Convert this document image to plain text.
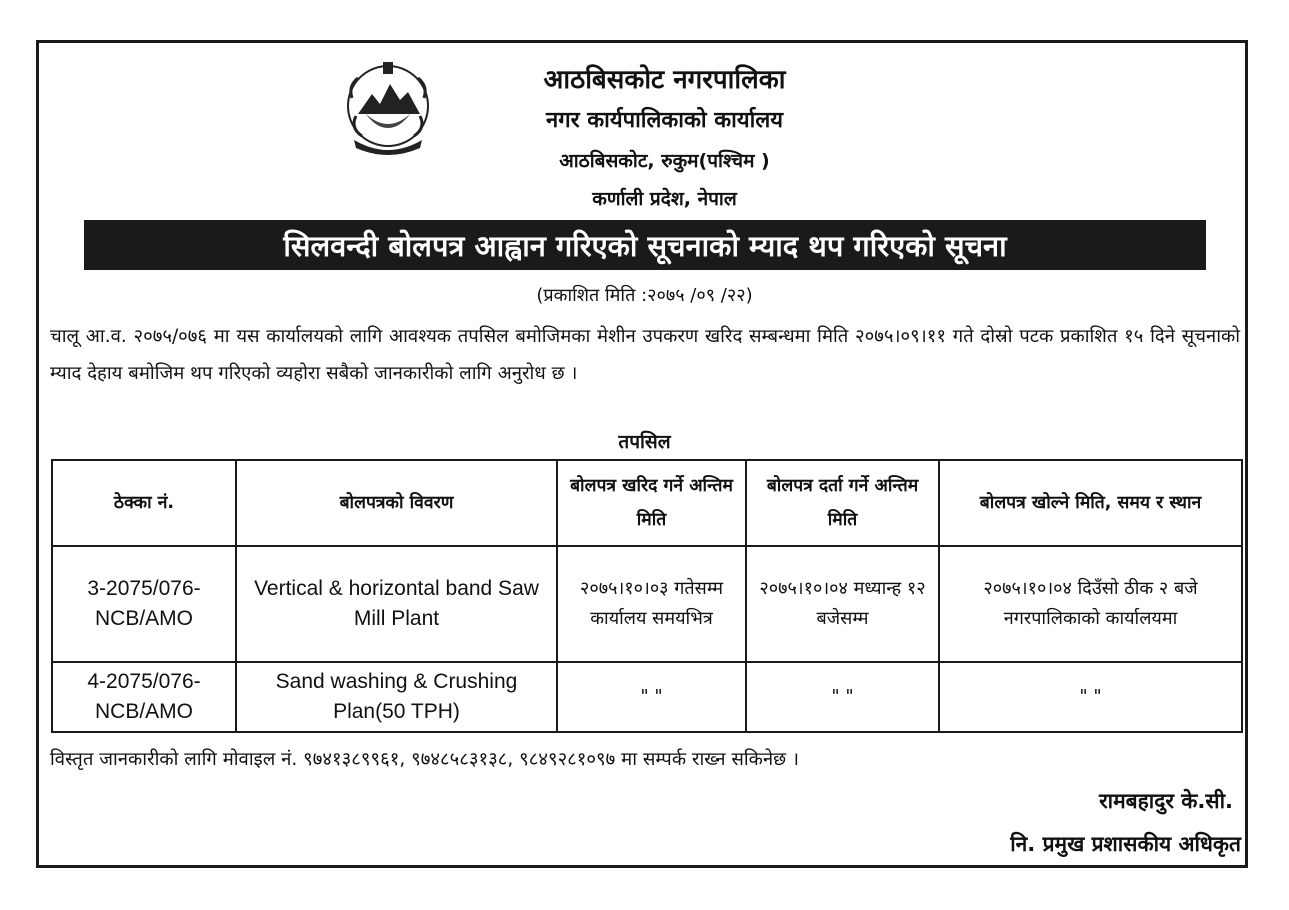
आठबिसकोट नगरपालिका
नगर कार्यपालिकाको कार्यालय
आठबिसकोट, रुकुम(पश्चिम )
कर्णाली प्रदेश, नेपाल
सिलवन्दी बोलपत्र आह्वान गरिएको सूचनाको म्याद थप गरिएको सूचना
(प्रकाशित मिति :२०७५ /०९ /२२)
चालू आ.व. २०७५/०७६ मा यस कार्यालयको लागि आवश्यक तपसिल बमोजिमका मेशीन उपकरण खरिद सम्बन्धमा मिति २०७५।०९।११ गते दोस्रो पटक प्रकाशित १५ दिने सूचनाको म्याद देहाय बमोजिम थप गरिएको व्यहोरा सबैको जानकारीको लागि अनुरोध छ ।
तपसिल
ठेक्का नं.	बोलपत्रको विवरण	बोलपत्र खरिद गर्ने अन्तिम मिति	बोलपत्र दर्ता गर्ने अन्तिम मिति	बोलपत्र खोल्ने मिति, समय र स्थान
3-2075/076-NCB/AMO	Vertical & horizontal band Saw Mill Plant	२०७५।१०।०३ गतेसम्म कार्यालय समयभित्र	२०७५।१०।०४ मध्यान्ह १२ बजेसम्म	२०७५।१०।०४ दिउँसो ठीक २ बजे नगरपालिकाको कार्यालयमा
4-2075/076-NCB/AMO	Sand washing & Crushing Plan(50 TPH)	" "	" "	" "
विस्तृत जानकारीको लागि मोवाइल नं. ९७४१३८९९६१, ९७४८५८३१३८, ९८४९२८१०९७ मा सम्पर्क राख्न सकिनेछ ।
रामबहादुर के.सी.
नि. प्रमुख प्रशासकीय अधिकृत
